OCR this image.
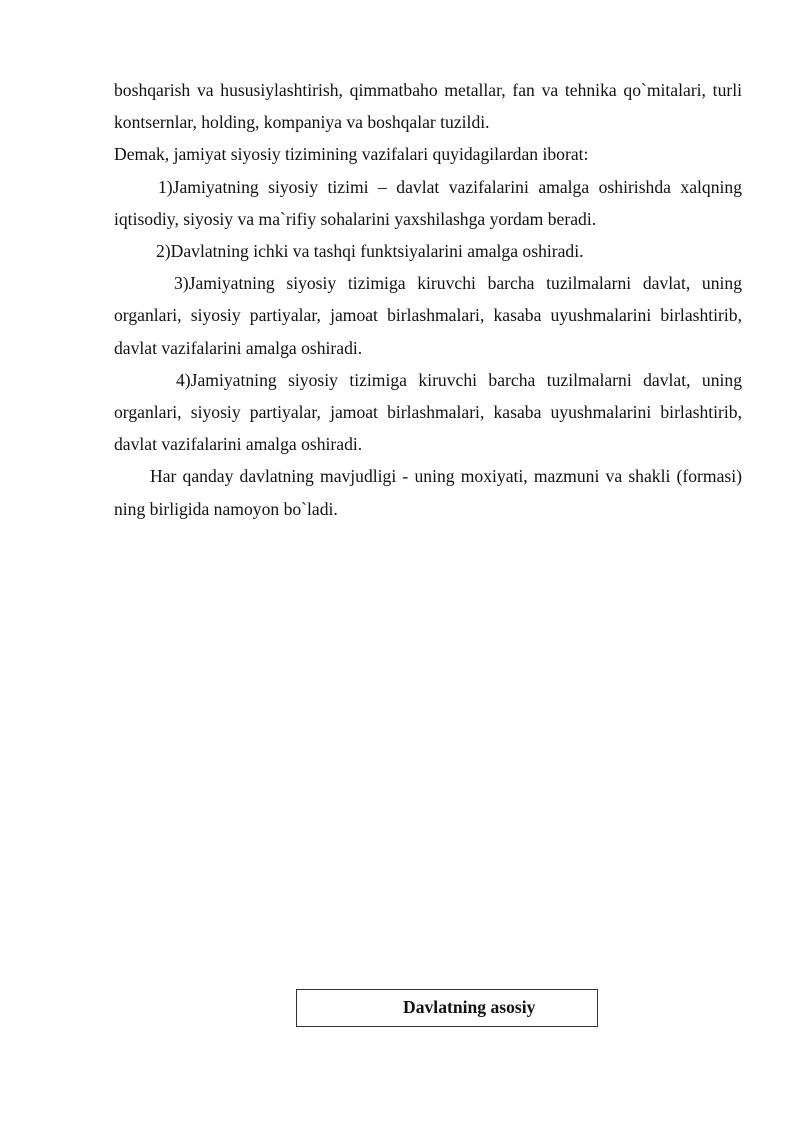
boshqarish va hususiylashtirish, qimmatbaho metallar, fan va tehnika qo`mitalari, turli kontsernlar, holding, kompaniya va boshqalar tuzildi.

Demak, jamiyat siyosiy tizimining vazifalari quyidagilardan iborat:

1)Jamiyatning siyosiy tizimi – davlat vazifalarini amalga oshirishda xalqning iqtisodiy, siyosiy va ma`rifiy sohalarini yaxshilashga yordam beradi.

2)Davlatning ichki va tashqi funktsiyalarini amalga oshiradi.

3)Jamiyatning siyosiy tizimiga kiruvchi barcha tuzilmalarni davlat, uning organlari, siyosiy partiyalar, jamoat birlashmalari, kasaba uyushmalarini birlashtirib, davlat vazifalarini amalga oshiradi.

4)Jamiyatning siyosiy tizimiga kiruvchi barcha tuzilmalarni davlat, uning organlari, siyosiy partiyalar, jamoat birlashmalari, kasaba uyushmalarini birlashtirib, davlat vazifalarini amalga oshiradi.

Har qanday davlatning mavjudligi - uning moxiyati, mazmuni va shakli (formasi) ning birligida namoyon bo`ladi.

Davlatning asosiy
